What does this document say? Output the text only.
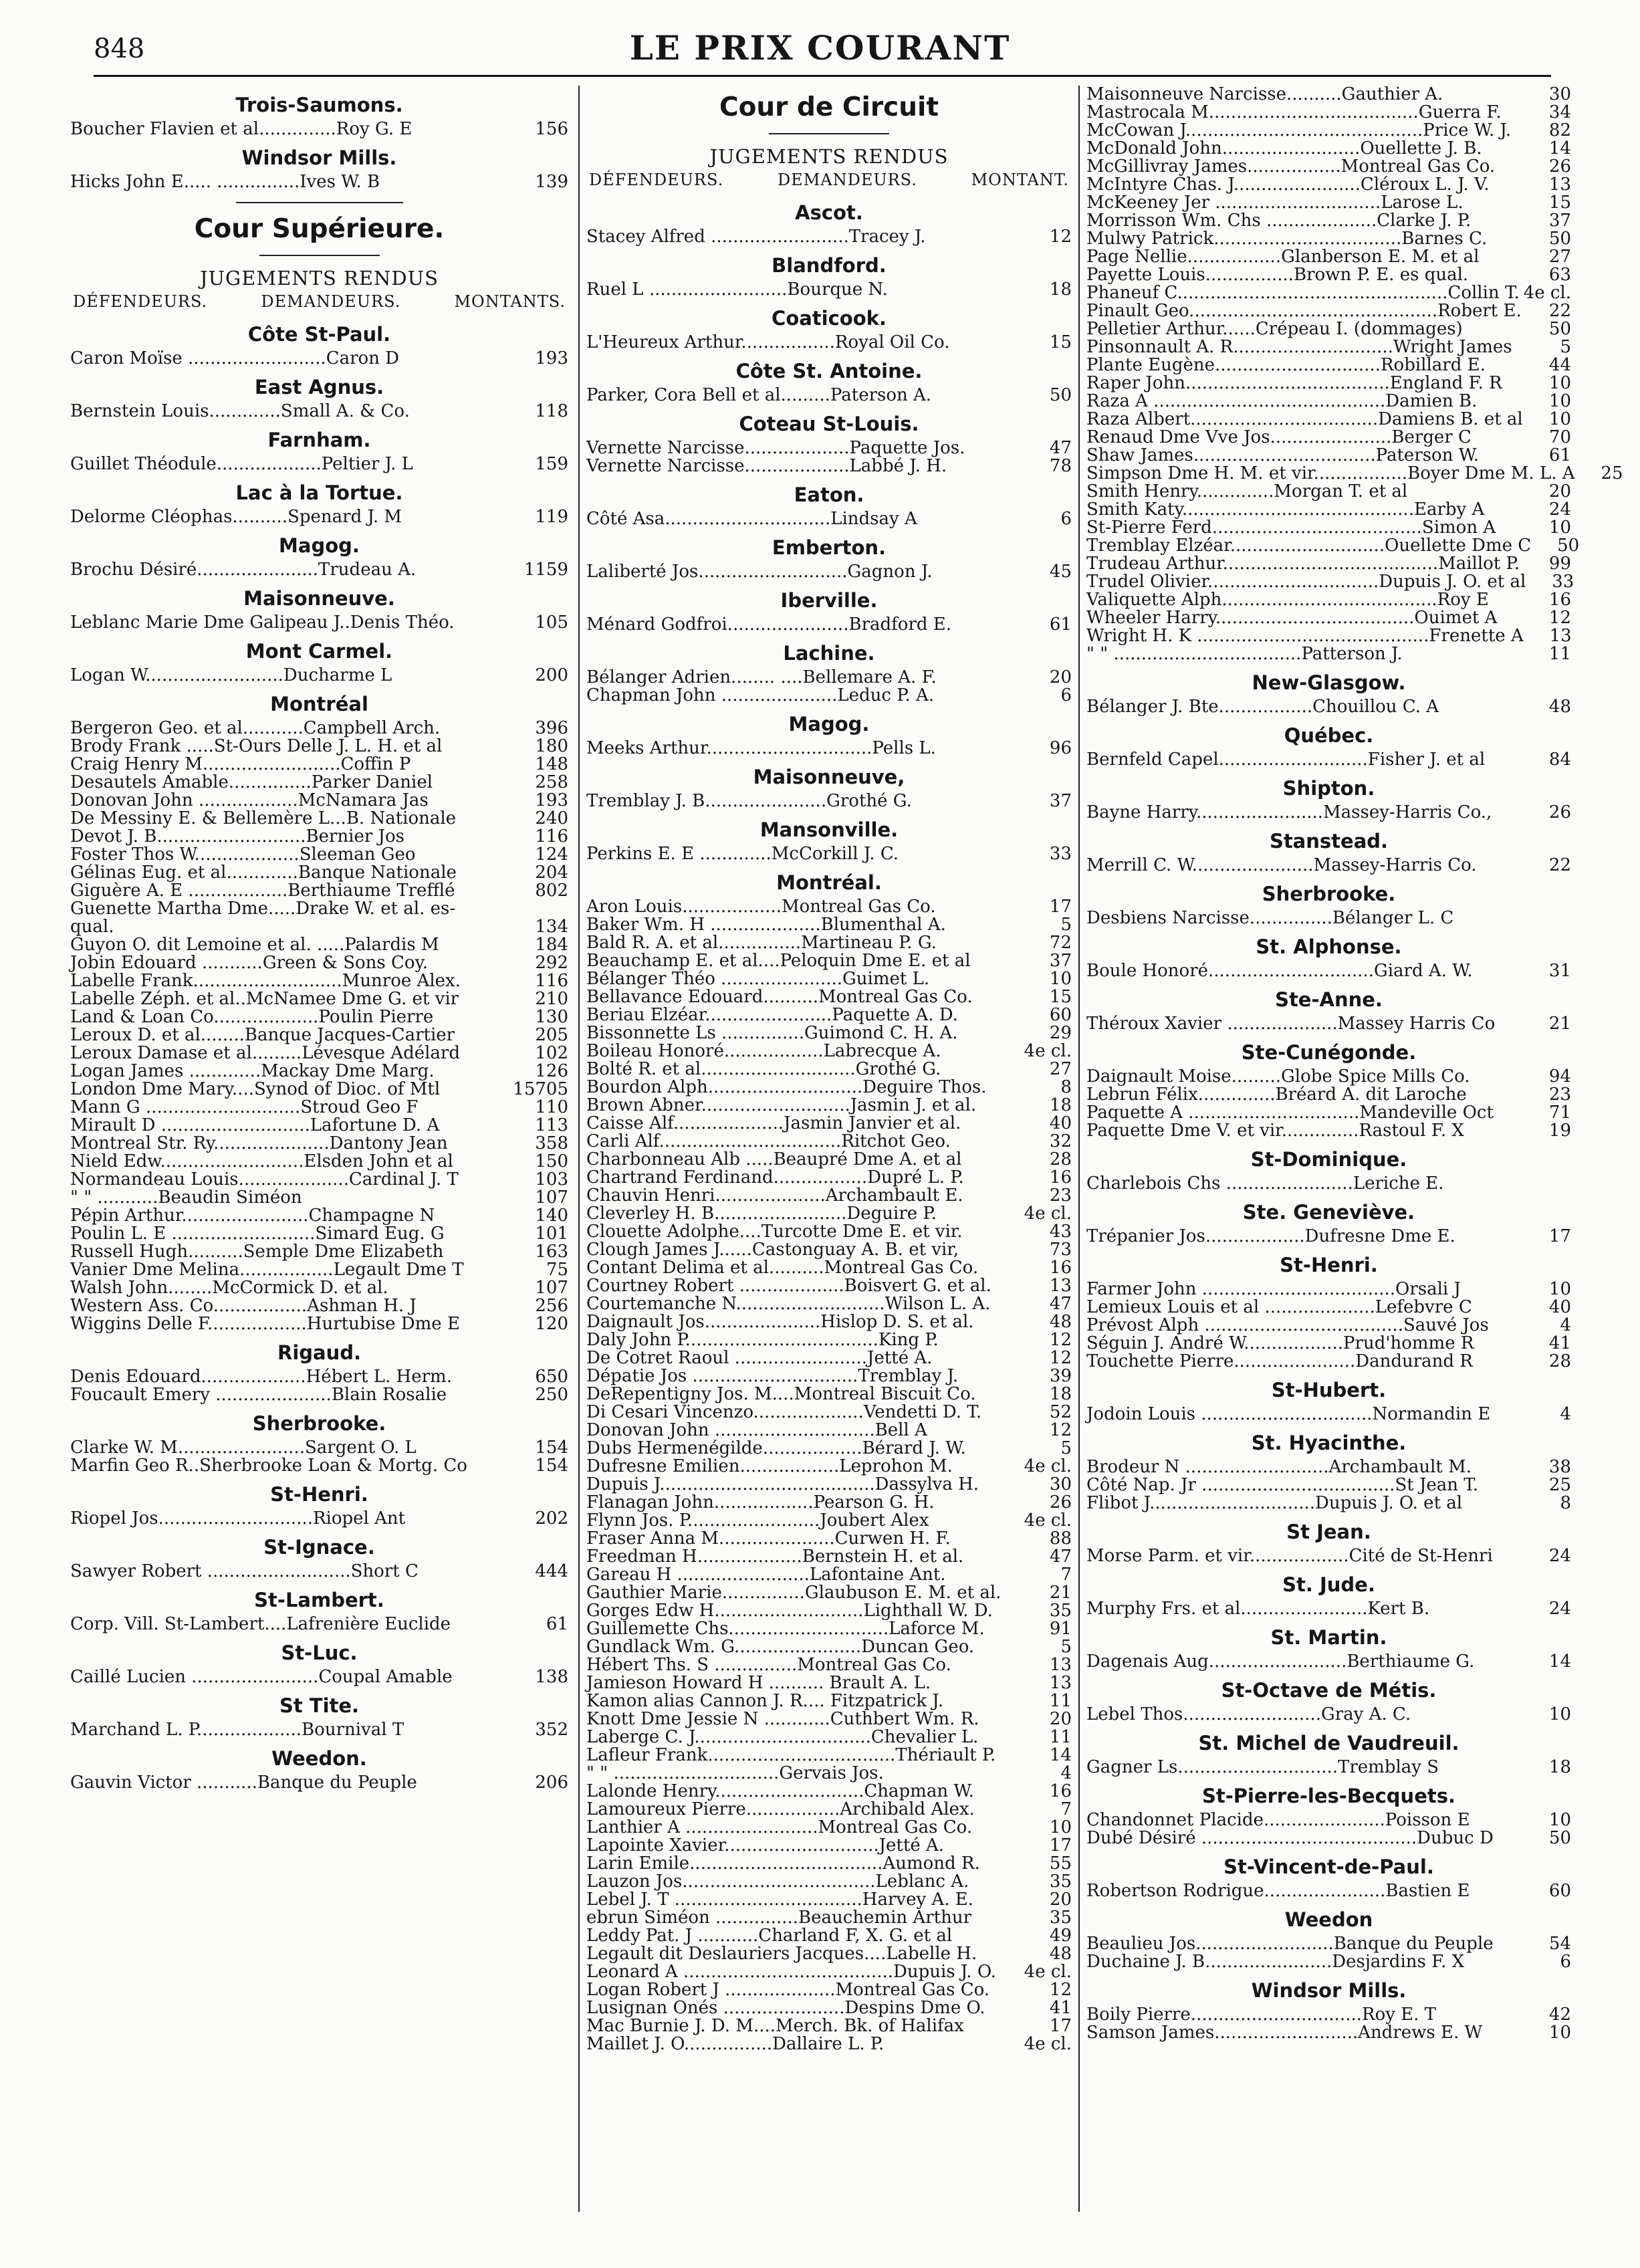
848	LE PRIX COURANT
Trois-Saumons.
Boucher Flavien et al..............Roy G. E	156
Windsor Mills.
Hicks John E..... ...............Ives W. B	139
Cour Supérieure.
JUGEMENTS RENDUS
DÉFENDEURS.	DEMANDEURS.	MONTANTS.
Côte St-Paul.
Caron Moïse .........................Caron D	193
East Agnus.
Bernstein Louis.............Small A. & Co.	118
Farnham.
Guillet Théodule...................Peltier J. L	159
Lac à la Tortue.
Delorme Cléophas..........Spenard J. M	119
Magog.
Brochu Désiré......................Trudeau A.	1159
Maisonneuve.
Leblanc Marie Dme Galipeau J..Denis Théo.	105
Mont Carmel.
Logan W.........................Ducharme L	200
Montréal
Bergeron Geo. et al...........Campbell Arch.	396
Brody Frank .....St-Ours Delle J. L. H. et al	180
Craig Henry M.........................Coffin P	148
Desautels Amable...............Parker Daniel	258
Donovan John ..................McNamara Jas	193
De Messiny E. & Bellemère L...B. Nationale	240
Devot J. B...........................Bernier Jos	116
Foster Thos W...................Sleeman Geo	124
Gélinas Eug. et al.............Banque Nationale	204
Giguère A. E ..................Berthiaume Trefflé	802
Guenette Martha Dme.....Drake W. et al. es-
qual.	134
Guyon O. dit Lemoine et al. .....Palardis M	184
Jobin Edouard ...........Green & Sons Coy.	292
Labelle Frank...........................Munroe Alex.	116
Labelle Zéph. et al..McNamee Dme G. et vir	210
Land & Loan Co...................Poulin Pierre	130
Leroux D. et al........Banque Jacques-Cartier	205
Leroux Damase et al.........Lévesque Adélard	102
Logan James .............Mackay Dme Marg.	126
London Dme Mary....Synod of Dioc. of Mtl	15705
Mann G ............................Stroud Geo F	110
Mirault D ...........................Lafortune D. A	113
Montreal Str. Ry.....................Dantony Jean	358
Nield Edw..........................Elsden John et al	150
Normandeau Louis....................Cardinal J. T	103
" " ...........Beaudin Siméon	107
Pépin Arthur.......................Champagne N	140
Poulin L. E ..........................Simard Eug. G	101
Russell Hugh..........Semple Dme Elizabeth	163
Vanier Dme Melina.................Legault Dme T	75
Walsh John........McCormick D. et al.	107
Western Ass. Co.................Ashman H. J	256
Wiggins Delle F..................Hurtubise Dme E	120
Rigaud.
Denis Edouard...................Hébert L. Herm.	650
Foucault Emery .....................Blain Rosalie	250
Sherbrooke.
Clarke W. M.......................Sargent O. L	154
Marfin Geo R..Sherbrooke Loan & Mortg. Co	154
St-Henri.
Riopel Jos............................Riopel Ant	202
St-Ignace.
Sawyer Robert ..........................Short C	444
St-Lambert.
Corp. Vill. St-Lambert....Lafrenière Euclide	61
St-Luc.
Caillé Lucien .......................Coupal Amable	138
St Tite.
Marchand L. P...................Bournival T	352
Weedon.
Gauvin Victor ...........Banque du Peuple	206
Cour de Circuit
JUGEMENTS RENDUS
DÉFENDEURS.	DEMANDEURS.	MONTANT.
Ascot.
Stacey Alfred .........................Tracey J.	12
Blandford.
Ruel L .........................Bourque N.	18
Coaticook.
L'Heureux Arthur.................Royal Oil Co.	15
Côte St. Antoine.
Parker, Cora Bell et al.........Paterson A.	50
Coteau St-Louis.
Vernette Narcisse...................Paquette Jos.	47
Vernette Narcisse...................Labbé J. H.	78
Eaton.
Côté Asa..............................Lindsay A	6
Emberton.
Laliberté Jos...........................Gagnon J.	45
Iberville.
Ménard Godfroi......................Bradford E.	61
Lachine.
Bélanger Adrien........ ....Bellemare A. F.	20
Chapman John .....................Leduc P. A.	6
Magog.
Meeks Arthur..............................Pells L.	96
Maisonneuve,
Tremblay J. B......................Grothé G.	37
Mansonville.
Perkins E. E .............McCorkill J. C.	33
Montréal.
Aron Louis..................Montreal Gas Co.	17
Baker Wm. H ....................Blumenthal A.	5
Bald R. A. et al...............Martineau P. G.	72
Beauchamp E. et al....Peloquin Dme E. et al	37
Bélanger Théo ......................Guimet L.	10
Bellavance Edouard..........Montreal Gas Co.	15
Beriau Elzéar.......................Paquette A. D.	60
Bissonnette Ls ...............Guimond C. H. A.	29
Boileau Honoré..................Labrecque A.	4e cl.
Bolté R. et al............................Grothé G.	27
Bourdon Alph............................Deguire Thos.	8
Brown Abner...........................Jasmin J. et al.	18
Caisse Alf....................Jasmin Janvier et al.	40
Carli Alf.................................Ritchot Geo.	32
Charbonneau Alb .....Beaupré Dme A. et al	28
Chartrand Ferdinand.................Dupré L. P.	16
Chauvin Henri....................Archambault E.	23
Cleverley H. B........................Deguire P.	4e cl.
Clouette Adolphe....Turcotte Dme E. et vir.	43
Clough James J......Castonguay A. B. et vir,	73
Contant Delima et al..........Montreal Gas Co.	16
Courtney Robert ...................Boisvert G. et al.	13
Courtemanche N...........................Wilson L. A.	47
Daignault Jos.....................Hislop D. S. et al.	48
Daly John P...................................King P.	12
De Cotret Raoul ........................Jetté A.	12
Dépatie Jos ..............................Tremblay J.	39
DeRepentigny Jos. M....Montreal Biscuit Co.	18
Di Cesari Vincenzo....................Vendetti D. T.	52
Donovan John .............................Bell A	12
Dubs Hermenégilde..................Bérard J. W.	5
Dufresne Emilien..................Leprohon M.	4e cl.
Dupuis J.......................................Dassylva H.	30
Flanagan John..................Pearson G. H.	26
Flynn Jos. P........................Joubert Alex	4e cl.
Fraser Anna M.....................Curwen H. F.	88
Freedman H...................Bernstein H. et al.	47
Gareau H ........................Lafontaine Ant.	7
Gauthier Marie...............Glaubuson E. M. et al.	21
Gorges Edw H...........................Lighthall W. D.	35
Guillemette Chs.............................Laforce M.	91
Gundlack Wm. G.......................Duncan Geo.	5
Hébert Ths. S ...............Montreal Gas Co.	13
Jamieson Howard H .......... Brault A. L.	13
Kamon alias Cannon J. R.... Fitzpatrick J.	11
Knott Dme Jessie N ............Cuthbert Wm. R.	20
Laberge C. J................................Chevalier L.	11
Lafleur Frank..................................Thériault P.	14
" " ..............................Gervais Jos.	4
Lalonde Henry...........................Chapman W.	16
Lamoureux Pierre.................Archibald Alex.	7
Lanthier A ........................Montreal Gas Co.	10
Lapointe Xavier............................Jetté A.	17
Larin Emile...................................Aumond R.	55
Lauzon Jos...................................Leblanc A.	35
Lebel J. T ..................................Harvey A. E.	20
ebrun Siméon ...............Beauchemin Arthur	35
Leddy Pat. J ...........Charland F, X. G. et al	49
Legault dit Deslauriers Jacques....Labelle H.	48
Leonard A ......................................Dupuis J. O.	4e cl.
Logan Robert J ....................Montreal Gas Co.	12
Lusignan Onés ......................Despins Dme O.	41
Mac Burnie J. D. M....Merch. Bk. of Halifax	17
Maillet J. O................Dallaire L. P.	4e cl.
Maisonneuve Narcisse..........Gauthier A.	30
Mastrocala M......................................Guerra F.	34
McCowan J...........................................Price W. J.	82
McDonald John.........................Ouellette J. B.	14
McGillivray James.................Montreal Gas Co.	26
McIntyre Chas. J.......................Cléroux L. J. V.	13
McKeeney Jer ..............................Larose L.	15
Morrisson Wm. Chs ....................Clarke J. P.	37
Mulwy Patrick..................................Barnes C.	50
Page Nellie.................Glanberson E. M. et al	27
Payette Louis................Brown P. E. es qual.	63
Phaneuf C.................................................Collin T. 4e cl.
Pinault Geo.............................................Robert E.	22
Pelletier Arthur......Crépeau I. (dommages)	50
Pinsonnault A. R.............................Wright James	5
Plante Eugène..............................Robillard E.	44
Raper John.....................................England F. R	10
Raza A ..........................................Damien B.	10
Raza Albert..................................Damiens B. et al	10
Renaud Dme Vve Jos......................Berger C	70
Shaw James.................................Paterson W.	61
Simpson Dme H. M. et vir.................Boyer Dme M. L. A	25
Smith Henry..............Morgan T. et al	20
Smith Katy..........................................Earby A	24
St-Pierre Ferd......................................Simon A	10
Tremblay Elzéar............................Ouellette Dme C	50
Trudeau Arthur.......................................Maillot P.	99
Trudel Olivier...............................Dupuis J. O. et al	33
Valiquette Alph.......................................Roy E	16
Wheeler Harry....................................Ouimet A	12
Wright H. K ..........................................Frenette A	13
" " ..................................Patterson J.	11
New-Glasgow.
Bélanger J. Bte.................Chouillou C. A	48
Québec.
Bernfeld Capel...........................Fisher J. et al	84
Shipton.
Bayne Harry.......................Massey-Harris Co.,	26
Stanstead.
Merrill C. W......................Massey-Harris Co.	22
Sherbrooke.
Desbiens Narcisse...............Bélanger L. C
St. Alphonse.
Boule Honoré..............................Giard A. W.	31
Ste-Anne.
Théroux Xavier ....................Massey Harris Co	21
Ste-Cunégonde.
Daignault Moise.........Globe Spice Mills Co.	94
Lebrun Félix..............Bréard A. dit Laroche	23
Paquette A ...............................Mandeville Oct	71
Paquette Dme V. et vir..............Rastoul F. X	19
St-Dominique.
Charlebois Chs .......................Leriche E.
Ste. Geneviève.
Trépanier Jos..................Dufresne Dme E.	17
St-Henri.
Farmer John ...................................Orsali J	10
Lemieux Louis et al ....................Lefebvre C	40
Prévost Alph ....................................Sauvé Jos	4
Séguin J. André W..................Prud'homme R	41
Touchette Pierre......................Dandurand R	28
St-Hubert.
Jodoin Louis ...............................Normandin E	4
St. Hyacinthe.
Brodeur N ..........................Archambault M.	38
Côté Nap. Jr ...................................St Jean T.	25
Flibot J..............................Dupuis J. O. et al	8
St Jean.
Morse Parm. et vir..................Cité de St-Henri	24
St. Jude.
Murphy Frs. et al.......................Kert B.	24
St. Martin.
Dagenais Aug.........................Berthiaume G.	14
St-Octave de Métis.
Lebel Thos.........................Gray A. C.	10
St. Michel de Vaudreuil.
Gagner Ls.............................Tremblay S	18
St-Pierre-les-Becquets.
Chandonnet Placide......................Poisson E	10
Dubé Désiré .......................................Dubuc D	50
St-Vincent-de-Paul.
Robertson Rodrigue......................Bastien E	60
Weedon
Beaulieu Jos.........................Banque du Peuple	54
Duchaine J. B.......................Desjardins F. X	6
Windsor Mills.
Boily Pierre...............................Roy E. T	42
Samson James..........................Andrews E. W	10
